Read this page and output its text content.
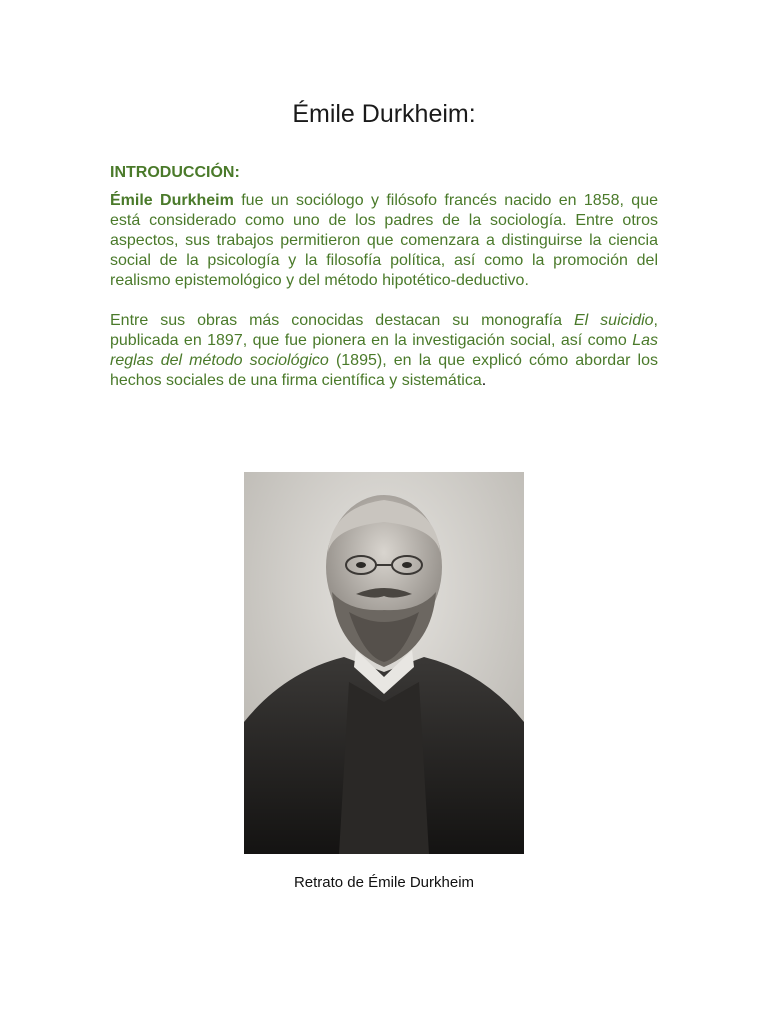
Émile Durkheim:
INTRODUCCIÓN:

Émile Durkheim fue un sociólogo y filósofo francés nacido en 1858, que está considerado como uno de los padres de la sociología. Entre otros aspectos, sus trabajos permitieron que comenzara a distinguirse la ciencia social de la psicología y la filosofía política, así como la promoción del realismo epistemológico y del método hipotético-deductivo.

Entre sus obras más conocidas destacan su monografía El suicidio, publicada en 1897, que fue pionera en la investigación social, así como Las reglas del método sociológico (1895), en la que explicó cómo abordar los hechos sociales de una firma científica y sistemática.

Retrato de Émile Durkheim
